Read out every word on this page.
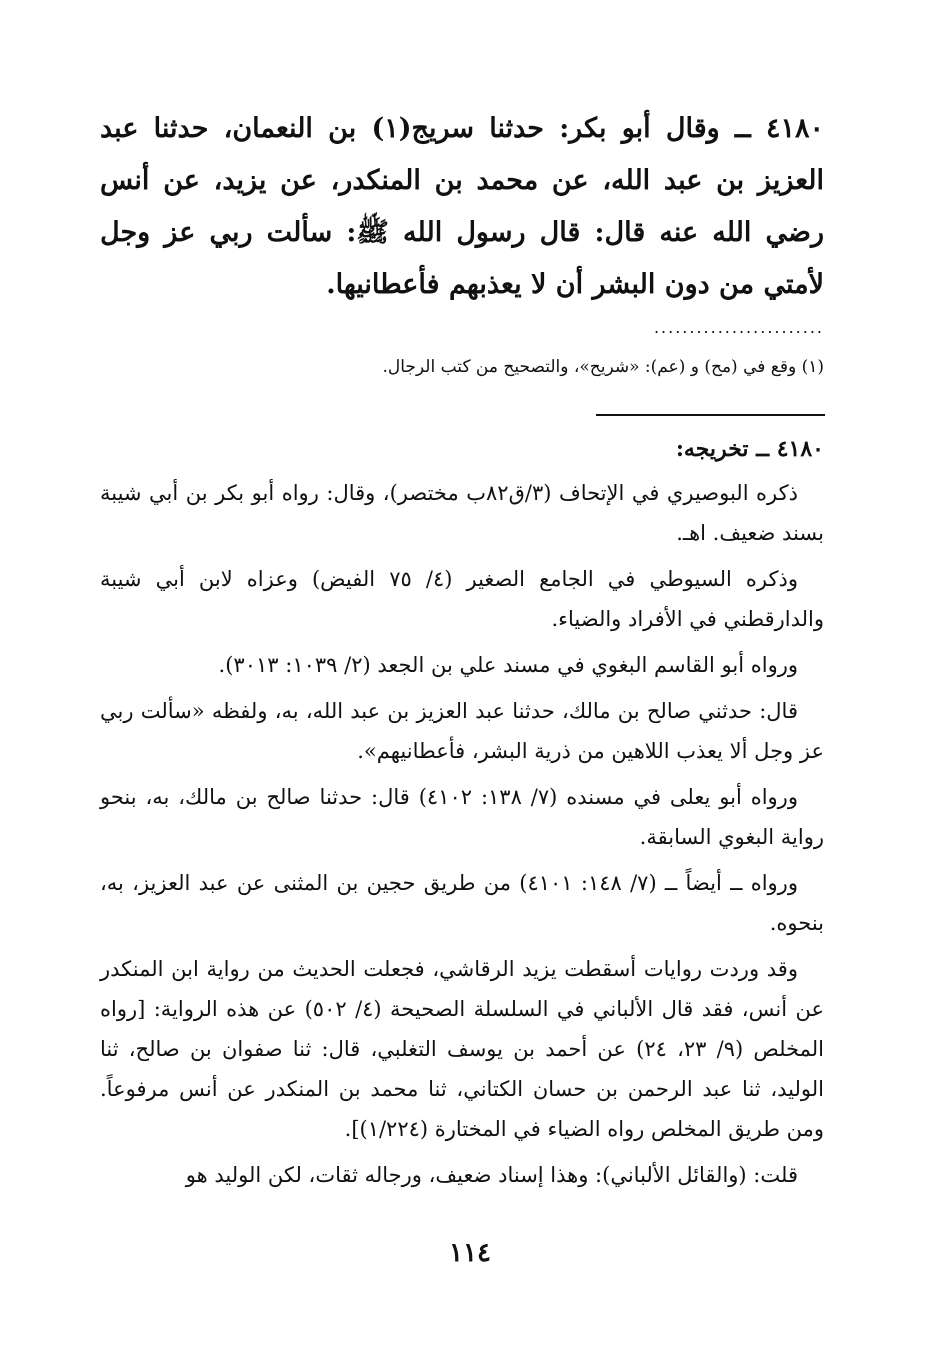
٤١٨٠ ــ وقال أبو بكر: حدثنا سريج(١) بن النعمان، حدثنا عبد العزيز بن عبد الله، عن محمد بن المنكدر، عن يزيد، عن أنس رضي الله عنه قال: قال رسول الله ﷺ: سألت ربي عز وجل لأمتي من دون البشر أن لا يعذبهم فأعطانيها.
........................
(١) وقع في (مح) و (عم): «شريح»، والتصحيح من كتب الرجال.
٤١٨٠ ــ تخريجه:

ذكره البوصيري في الإتحاف (٣/ق٨٢ب مختصر)، وقال: رواه أبو بكر بن أبي شيبة بسند ضعيف. اهـ.

وذكره السيوطي في الجامع الصغير (٤/ ٧٥ الفيض) وعزاه لابن أبي شيبة والدارقطني في الأفراد والضياء.

ورواه أبو القاسم البغوي في مسند علي بن الجعد (٢/ ١٠٣٩: ٣٠١٣).

قال: حدثني صالح بن مالك، حدثنا عبد العزيز بن عبد الله، به، ولفظه «سألت ربي عز وجل ألا يعذب اللاهين من ذرية البشر، فأعطانيهم».

ورواه أبو يعلى في مسنده (٧/ ١٣٨: ٤١٠٢) قال: حدثنا صالح بن مالك، به، بنحو رواية البغوي السابقة.

ورواه ــ أيضاً ــ (٧/ ١٤٨: ٤١٠١) من طريق حجين بن المثنى عن عبد العزيز، به، بنحوه.

وقد وردت روايات أسقطت يزيد الرقاشي، فجعلت الحديث من رواية ابن المنكدر عن أنس، فقد قال الألباني في السلسلة الصحيحة (٤/ ٥٠٢) عن هذه الرواية: [رواه المخلص (٩/ ٢٣، ٢٤) عن أحمد بن يوسف التغلبي، قال: ثنا صفوان بن صالح، ثنا الوليد، ثنا عبد الرحمن بن حسان الكتاني، ثنا محمد بن المنكدر عن أنس مرفوعاً. ومن طريق المخلص رواه الضياء في المختارة (١/٢٢٤)].

قلت: (والقائل الألباني): وهذا إسناد ضعيف، ورجاله ثقات، لكن الوليد هو

١١٤
